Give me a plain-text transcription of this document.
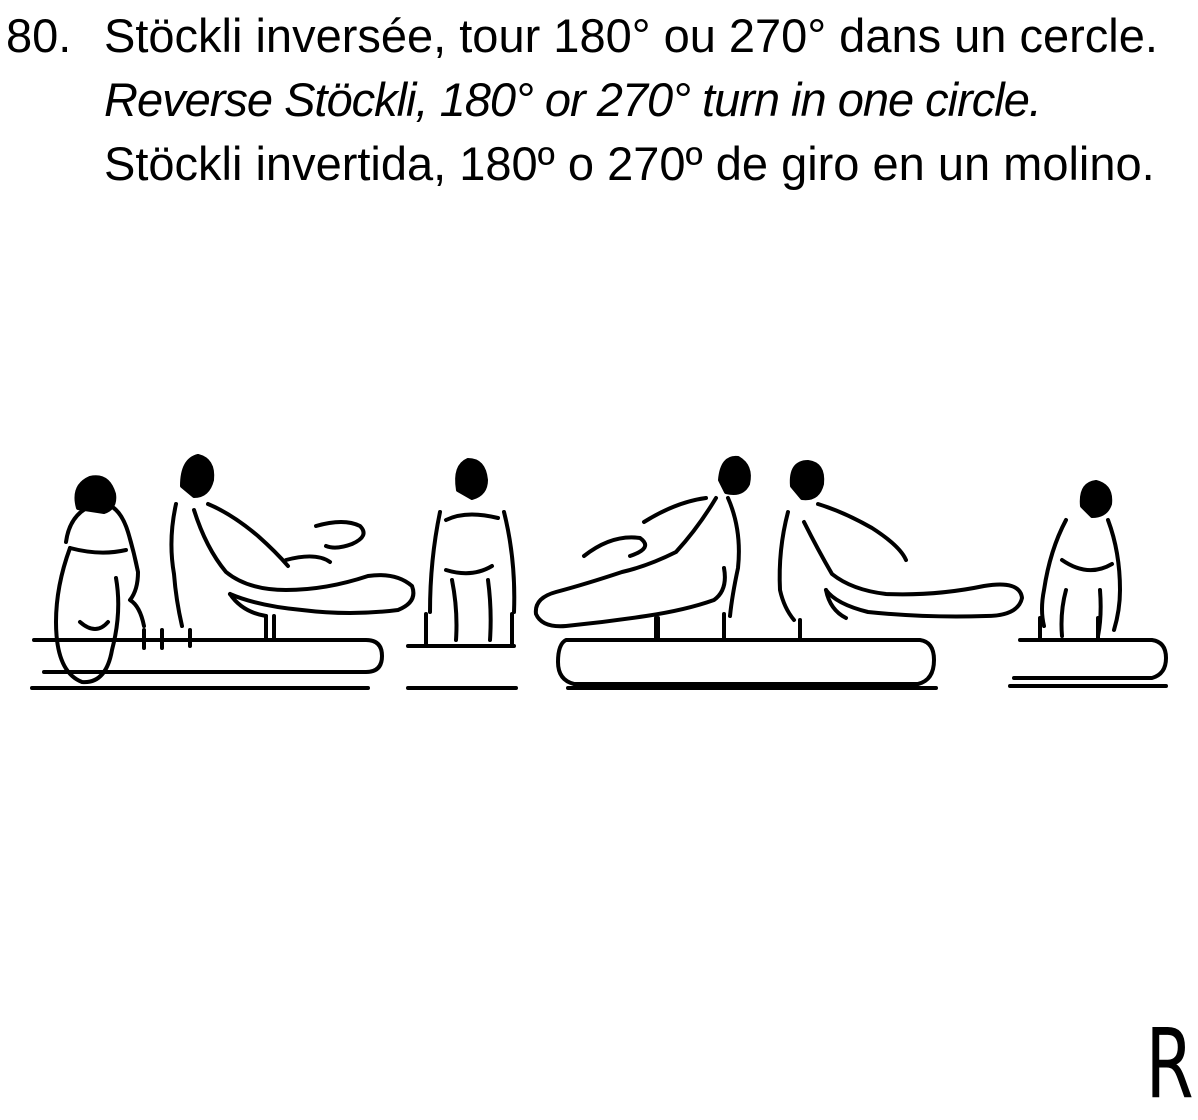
80. Stöckli inversée, tour 180° ou 270° dans un cercle.

Reverse Stöckli, 180° or 270° turn in one circle.

Stöckli invertida, 180º o 270º de giro en un molino.

R
